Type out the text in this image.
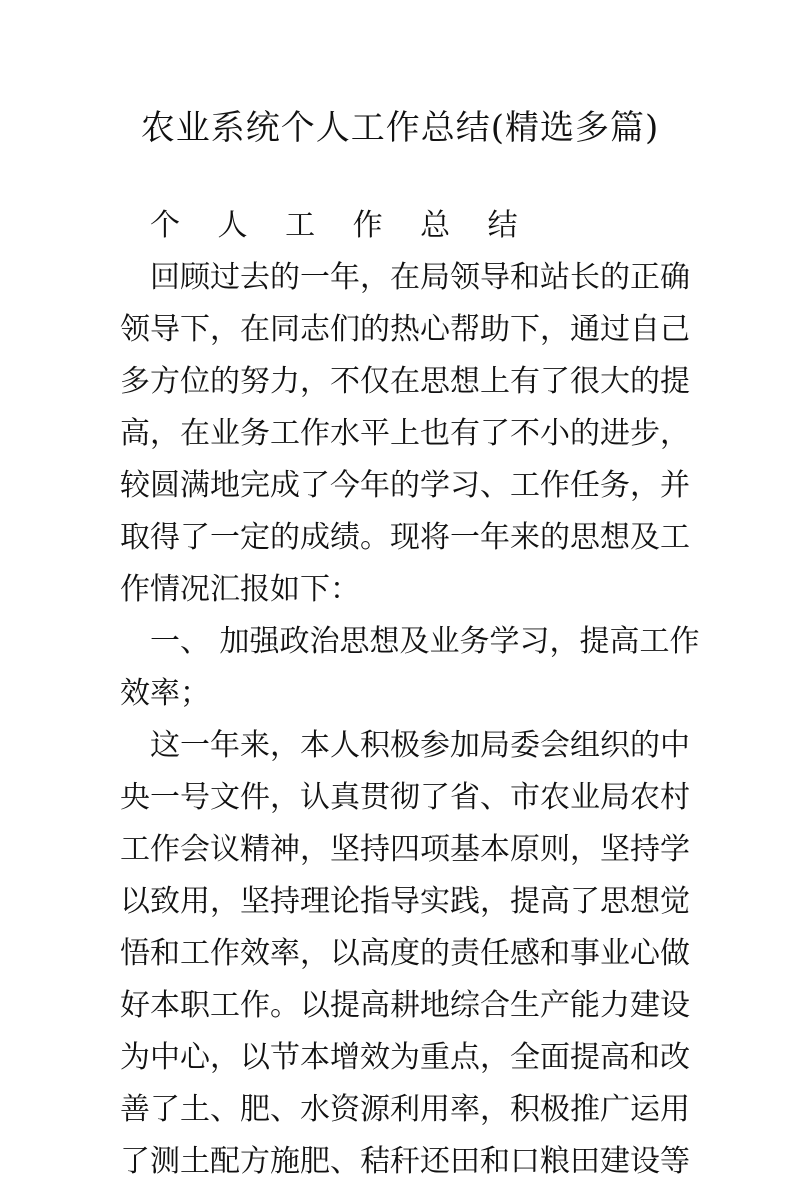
农业系统个人工作总结(精选多篇)
个 人 工 作 总 结
回顾过去的一年，在局领导和站长的正确
领导下，在同志们的热心帮助下，通过自己
多方位的努力，不仅在思想上有了很大的提
高，在业务工作水平上也有了不小的进步，
较圆满地完成了今年的学习、工作任务，并
取得了一定的成绩。现将一年来的思想及工
作情况汇报如下：
一、 加强政治思想及业务学习，提高工作
效率；
这一年来，本人积极参加局委会组织的中
央一号文件，认真贯彻了省、市农业局农村
工作会议精神，坚持四项基本原则，坚持学
以致用，坚持理论指导实践，提高了思想觉
悟和工作效率，以高度的责任感和事业心做
好本职工作。以提高耕地综合生产能力建设
为中心，以节本增效为重点，全面提高和改
善了土、肥、水资源利用率，积极推广运用
了测土配方施肥、秸秆还田和口粮田建设等
